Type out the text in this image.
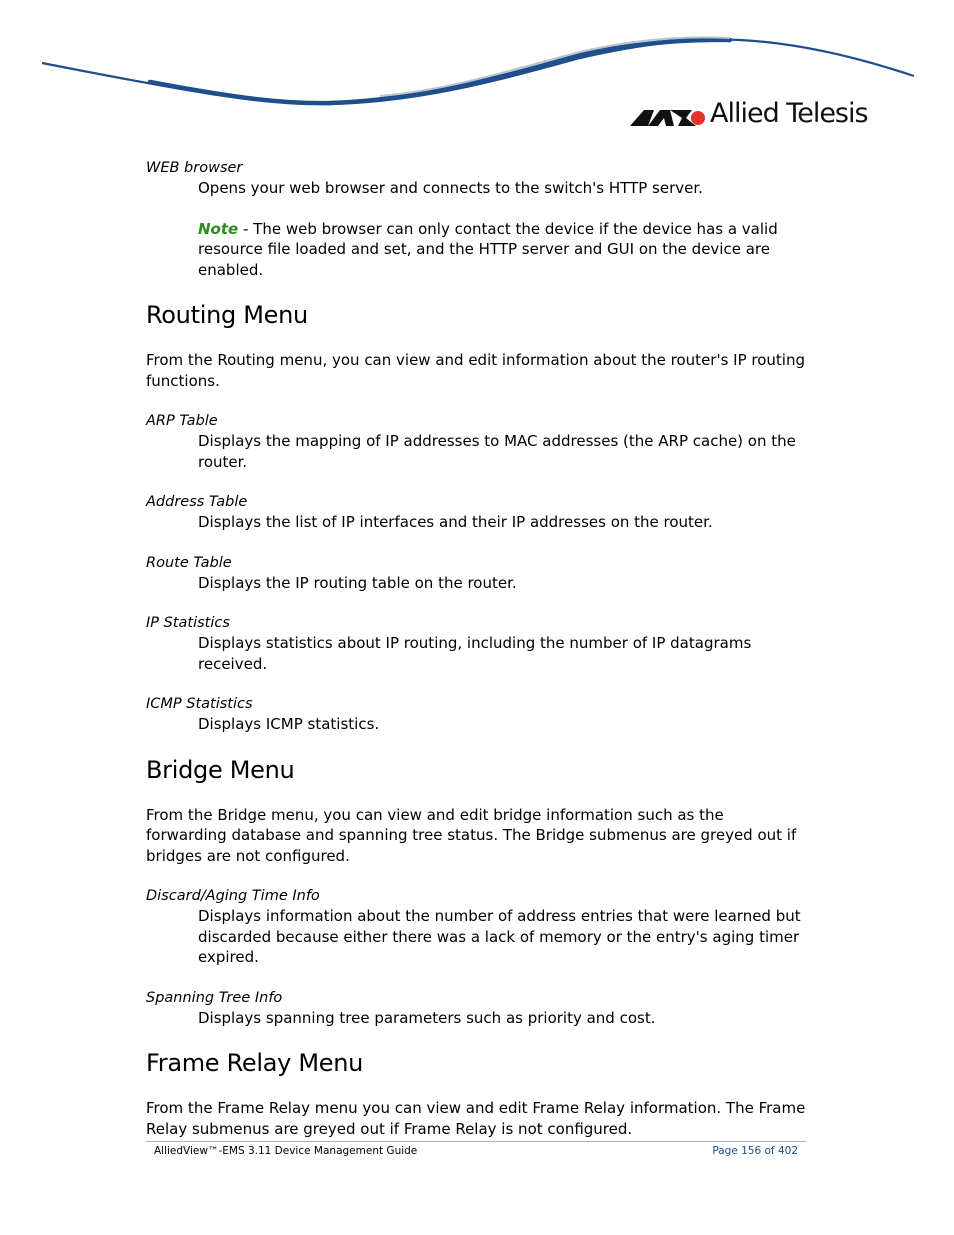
Allied Telesis

WEB browser

Opens your web browser and connects to the switch's HTTP server.

Note - The web browser can only contact the device if the device has a valid resource file loaded and set, and the HTTP server and GUI on the device are enabled.

Routing Menu

From the Routing menu, you can view and edit information about the router's IP routing functions.

ARP Table

Displays the mapping of IP addresses to MAC addresses (the ARP cache) on the router.

Address Table

Displays the list of IP interfaces and their IP addresses on the router.

Route Table

Displays the IP routing table on the router.

IP Statistics

Displays statistics about IP routing, including the number of IP datagrams received.

ICMP Statistics

Displays ICMP statistics.

Bridge Menu

From the Bridge menu, you can view and edit bridge information such as the forwarding database and spanning tree status. The Bridge submenus are greyed out if bridges are not configured.

Discard/Aging Time Info

Displays information about the number of address entries that were learned but discarded because either there was a lack of memory or the entry's aging timer expired.

Spanning Tree Info

Displays spanning tree parameters such as priority and cost.

Frame Relay Menu

From the Frame Relay menu you can view and edit Frame Relay information. The Frame Relay submenus are greyed out if Frame Relay is not configured.

AlliedView™-EMS 3.11 Device Management Guide	Page 156 of 402
